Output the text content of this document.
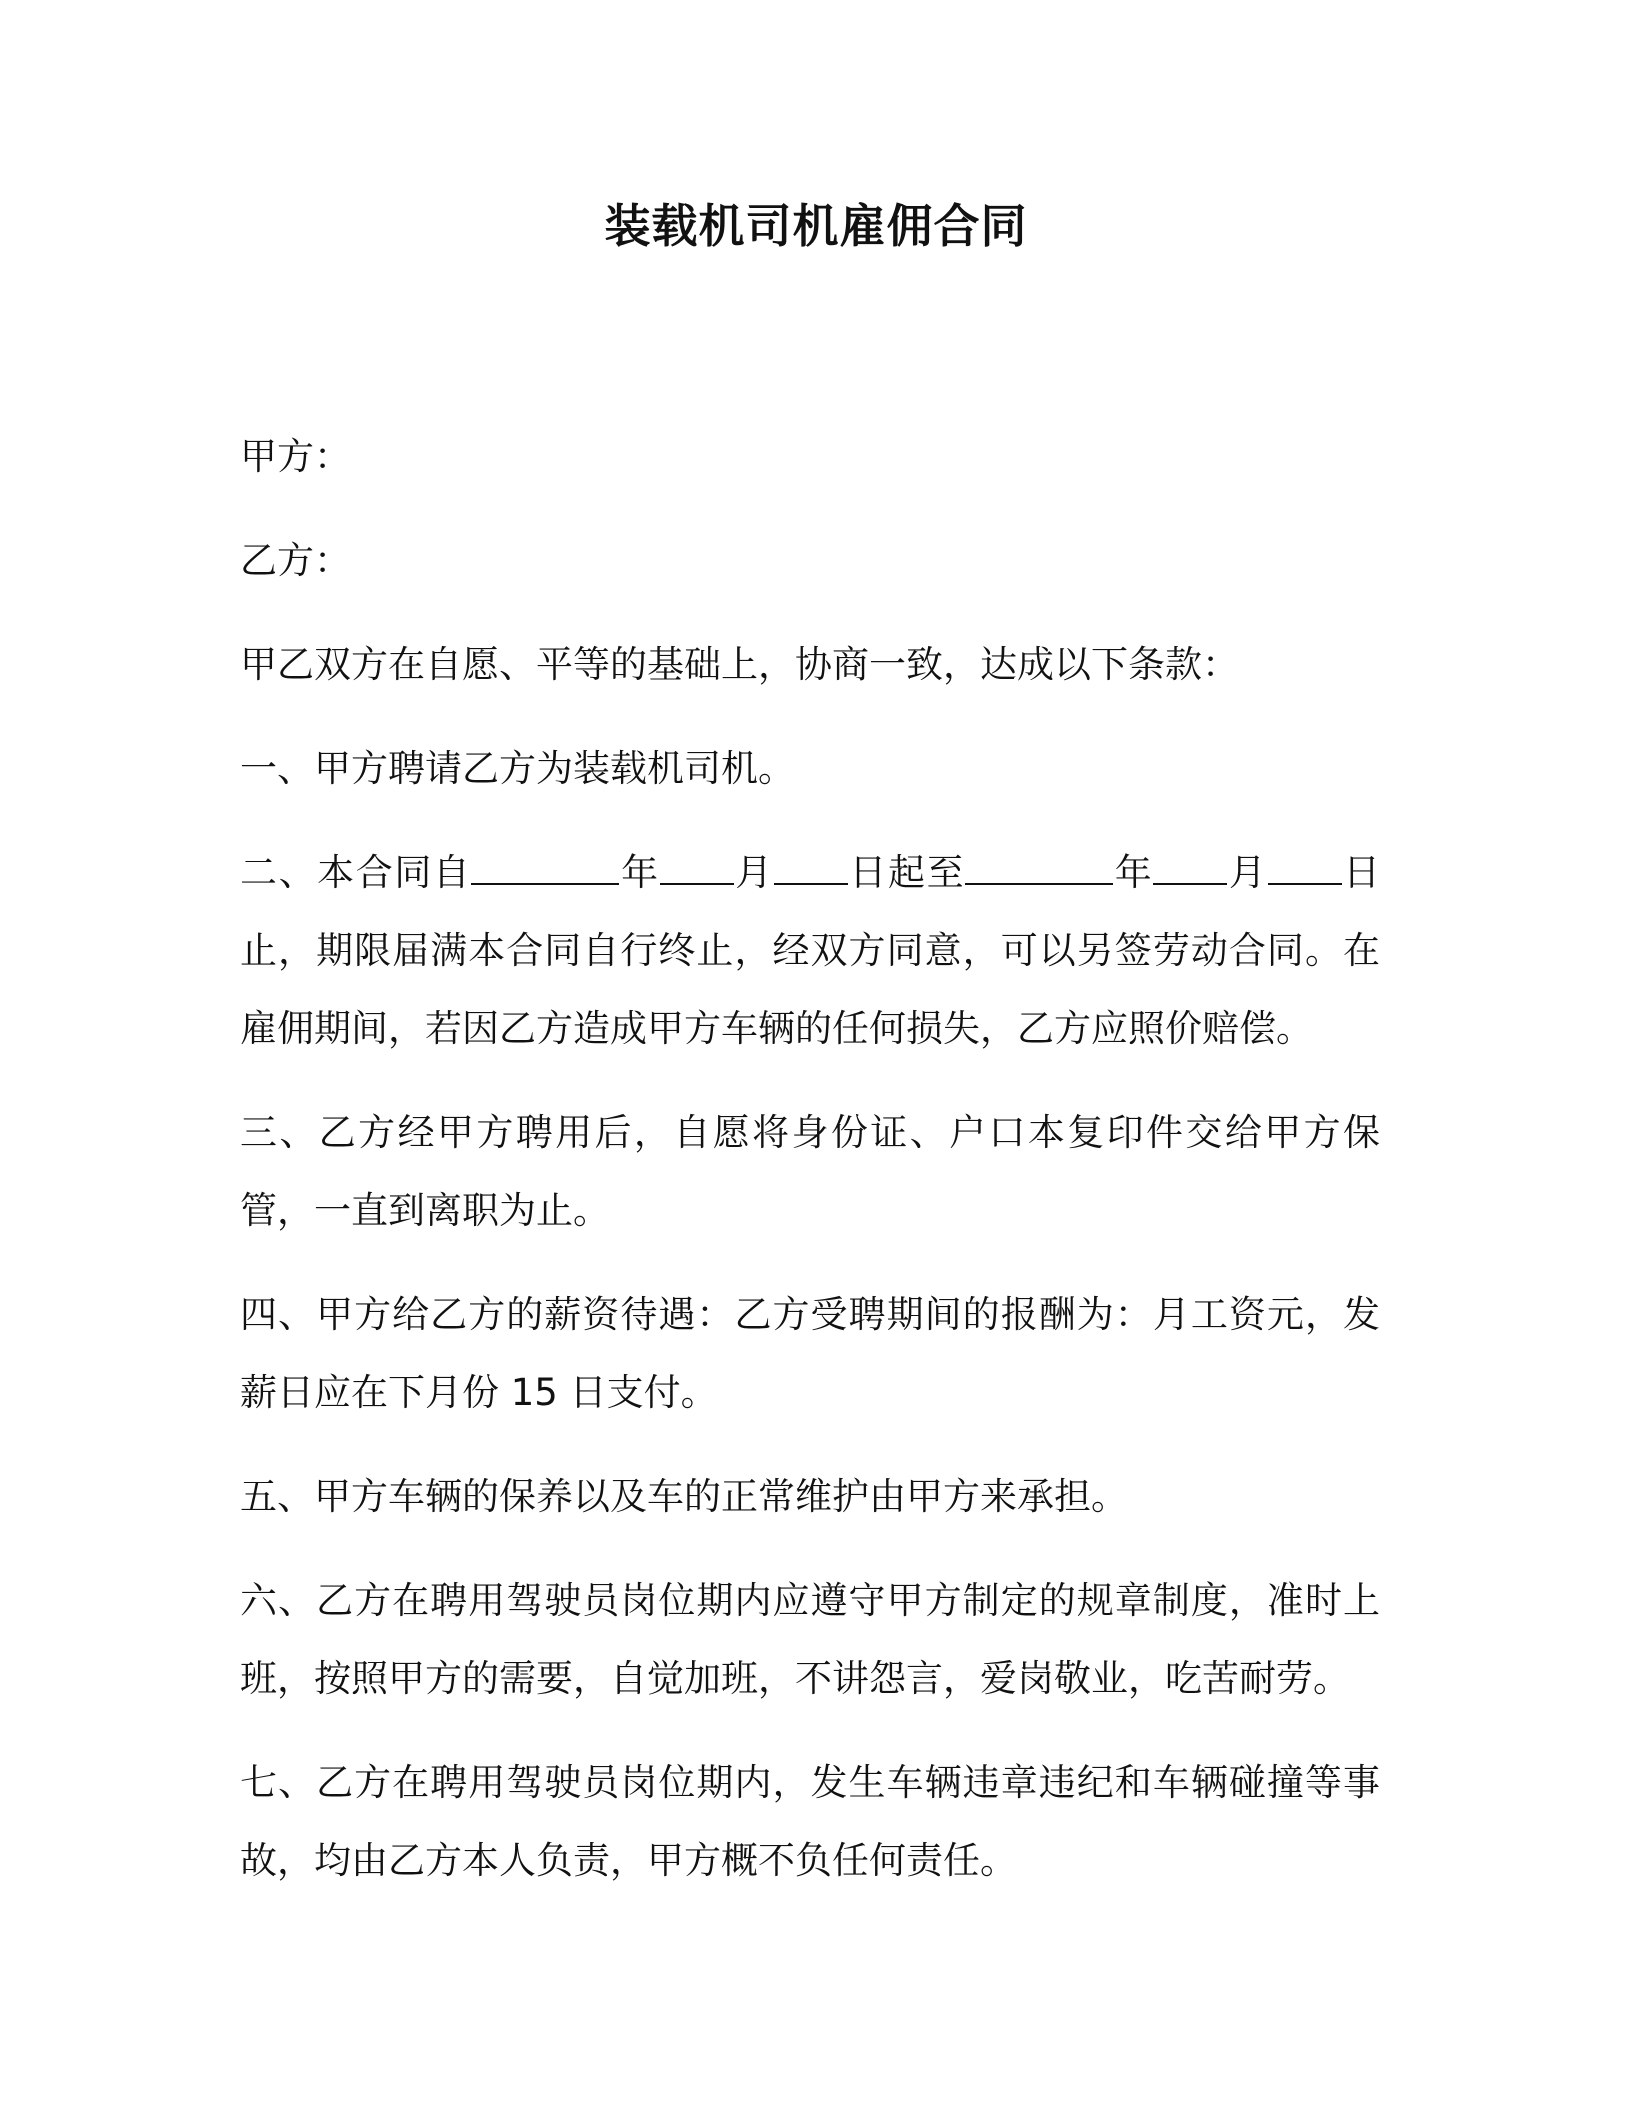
装载机司机雇佣合同

甲方：

乙方：

甲乙双方在自愿、平等的基础上，协商一致，达成以下条款：

一、甲方聘请乙方为装载机司机。

二、本合同自	年 月 日起至	年 月 日止，期限届满本合同自行终止，经双方同意，可以另签劳动合同。在雇佣期间，若因乙方造成甲方车辆的任何损失，乙方应照价赔偿。

三、乙方经甲方聘用后，自愿将身份证、户口本复印件交给甲方保管，一直到离职为止。

四、甲方给乙方的薪资待遇：乙方受聘期间的报酬为：月工资元，发薪日应在下月份 15 日支付。

五、甲方车辆的保养以及车的正常维护由甲方来承担。

六、乙方在聘用驾驶员岗位期内应遵守甲方制定的规章制度，准时上班，按照甲方的需要，自觉加班，不讲怨言，爱岗敬业，吃苦耐劳。

七、乙方在聘用驾驶员岗位期内，发生车辆违章违纪和车辆碰撞等事故，均由乙方本人负责，甲方概不负任何责任。
